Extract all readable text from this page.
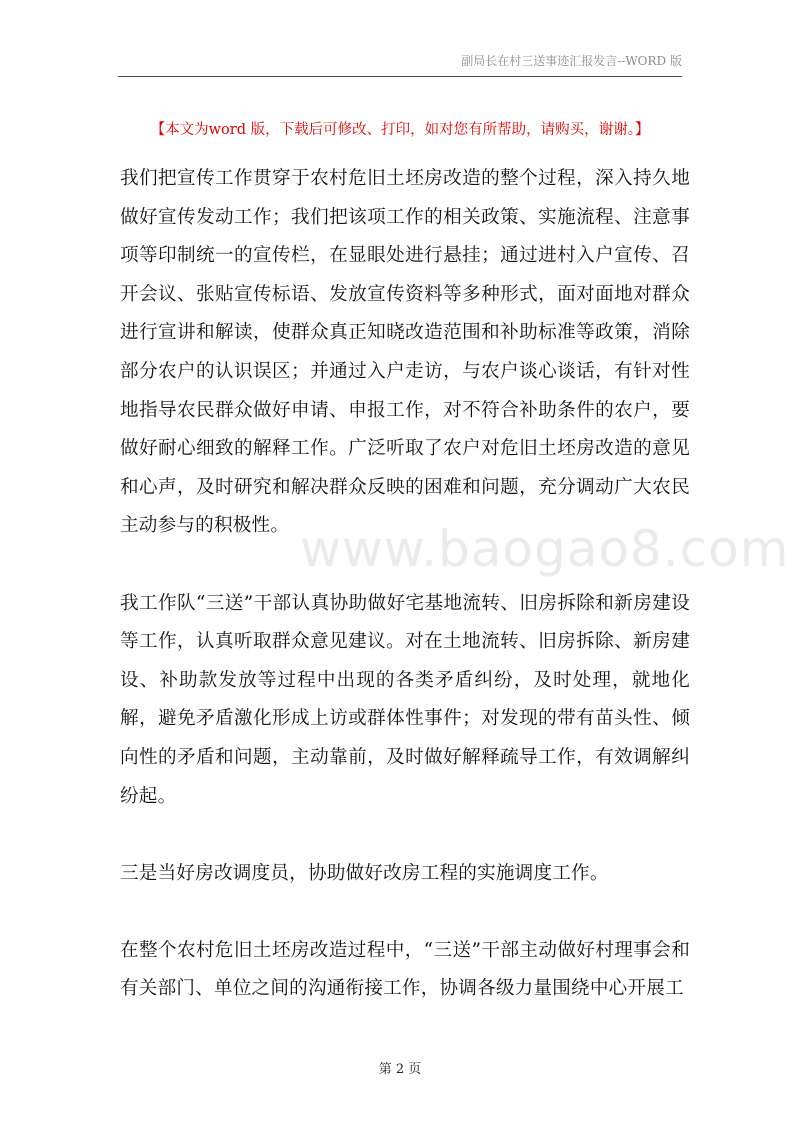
副局长在村三送事迹汇报发言--WORD 版
【本文为word 版，下载后可修改、打印，如对您有所帮助，请购买，谢谢。】
www.baogao8.com

我们把宣传工作贯穿于农村危旧土坯房改造的整个过程，深入持久地做好宣传发动工作；我们把该项工作的相关政策、实施流程、注意事项等印制统一的宣传栏，在显眼处进行悬挂；通过进村入户宣传、召开会议、张贴宣传标语、发放宣传资料等多种形式，面对面地对群众进行宣讲和解读，使群众真正知晓改造范围和补助标准等政策，消除部分农户的认识误区；并通过入户走访，与农户谈心谈话，有针对性地指导农民群众做好申请、申报工作，对不符合补助条件的农户，要做好耐心细致的解释工作。广泛听取了农户对危旧土坯房改造的意见和心声，及时研究和解决群众反映的困难和问题，充分调动广大农民主动参与的积极性。

我工作队“三送”干部认真协助做好宅基地流转、旧房拆除和新房建设等工作，认真听取群众意见建议。对在土地流转、旧房拆除、新房建设、补助款发放等过程中出现的各类矛盾纠纷，及时处理，就地化解，避免矛盾激化形成上访或群体性事件；对发现的带有苗头性、倾向性的矛盾和问题，主动靠前，及时做好解释疏导工作，有效调解纠纷起。

三是当好房改调度员，协助做好改房工程的实施调度工作。

在整个农村危旧土坯房改造过程中，“三送”干部主动做好村理事会和有关部门、单位之间的沟通衔接工作，协调各级力量围绕中心开展工

第 2 页
